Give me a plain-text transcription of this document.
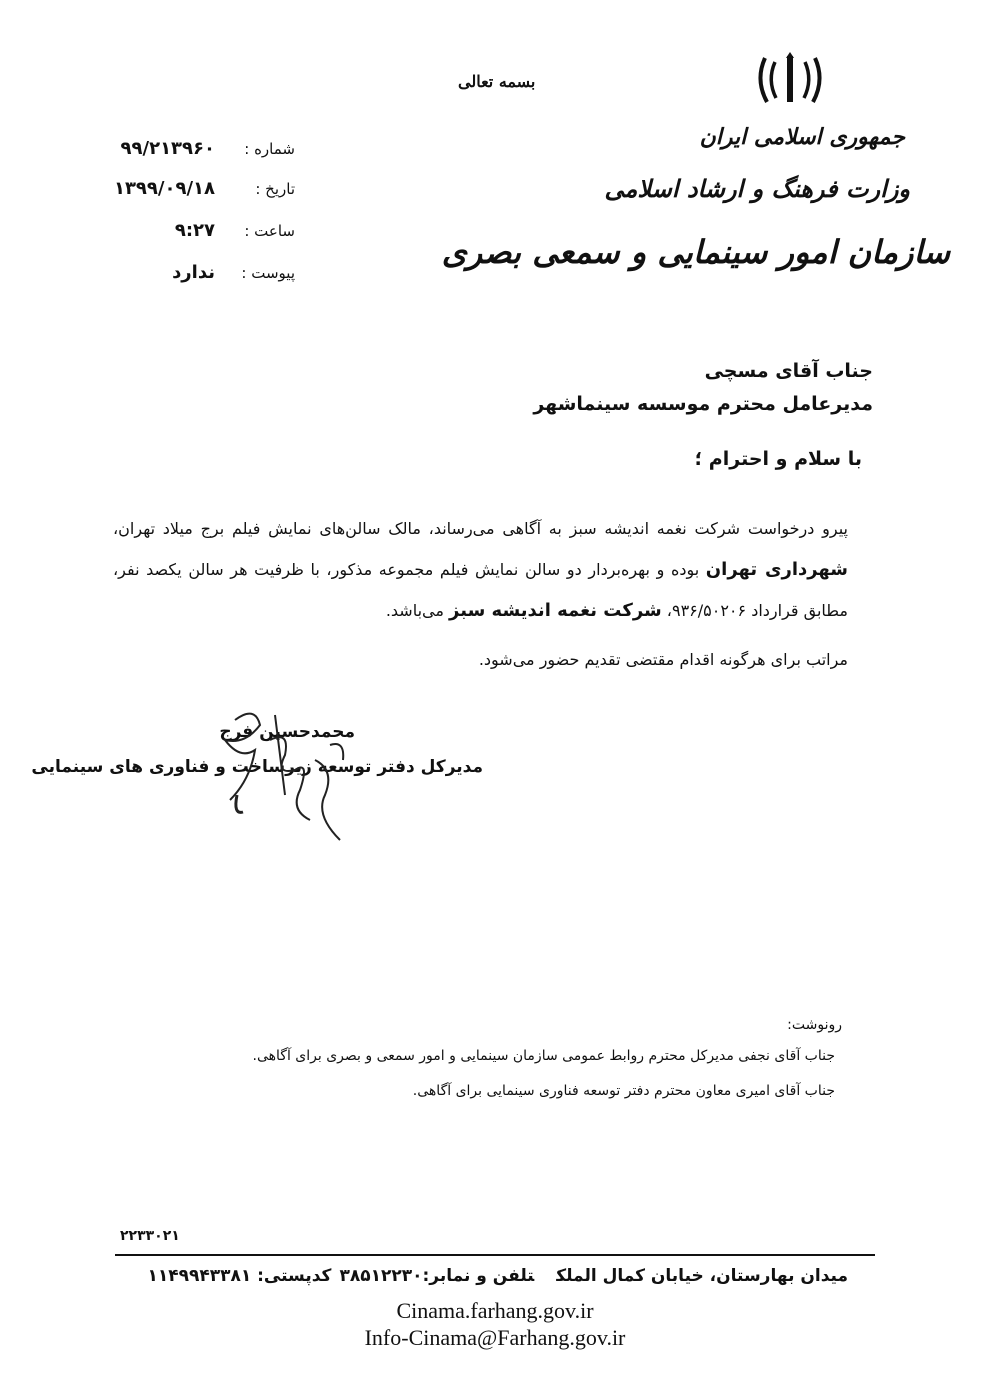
بسمه تعالی
جمهوری اسلامی ایران
وزارت فرهنگ و ارشاد اسلامی
سازمان امور سینمایی و سمعی بصری
شماره :
۹۹/۲۱۳۹۶۰
تاریخ :
۱۳۹۹/۰۹/۱۸
ساعت :
۹:۲۷
پیوست :
ندارد
جناب آقای مسچی
مدیرعامل محترم موسسه سینماشهر
با سلام و احترام ؛
پیرو درخواست شرکت نغمه اندیشه سبز به آگاهی می‌رساند، مالک سالن‌های نمایش فیلم برج میلاد تهران، شهرداری تهران بوده و بهره‌بردار دو سالن نمایش فیلم مجموعه مذکور، با ظرفیت هر سالن یکصد نفر، مطابق قرارداد ۹۳۶/۵۰۲۰۶، شرکت نغمه اندیشه سبز می‌باشد.
مراتب برای هرگونه اقدام مقتضی تقدیم حضور می‌شود.
محمدحسین فرج
مدیرکل دفتر توسعه زیرساخت و فناوری های سینمایی
رونوشت:
جناب آقای نجفی مدیرکل محترم روابط عمومی سازمان سینمایی و امور سمعی و بصری برای آگاهی.
جناب آقای امیری معاون محترم دفتر توسعه فناوری سینمایی برای آگاهی.
۲۲۳۳۰۲۱
میدان بهارستان، خیابان کمال الملکتلفن و نمابر:۳۸۵۱۲۲۳۰کدپستی: ۱۱۴۹۹۴۳۳۸۱
Cinama.farhang.gov.ir
Info-Cinama@Farhang.gov.ir
